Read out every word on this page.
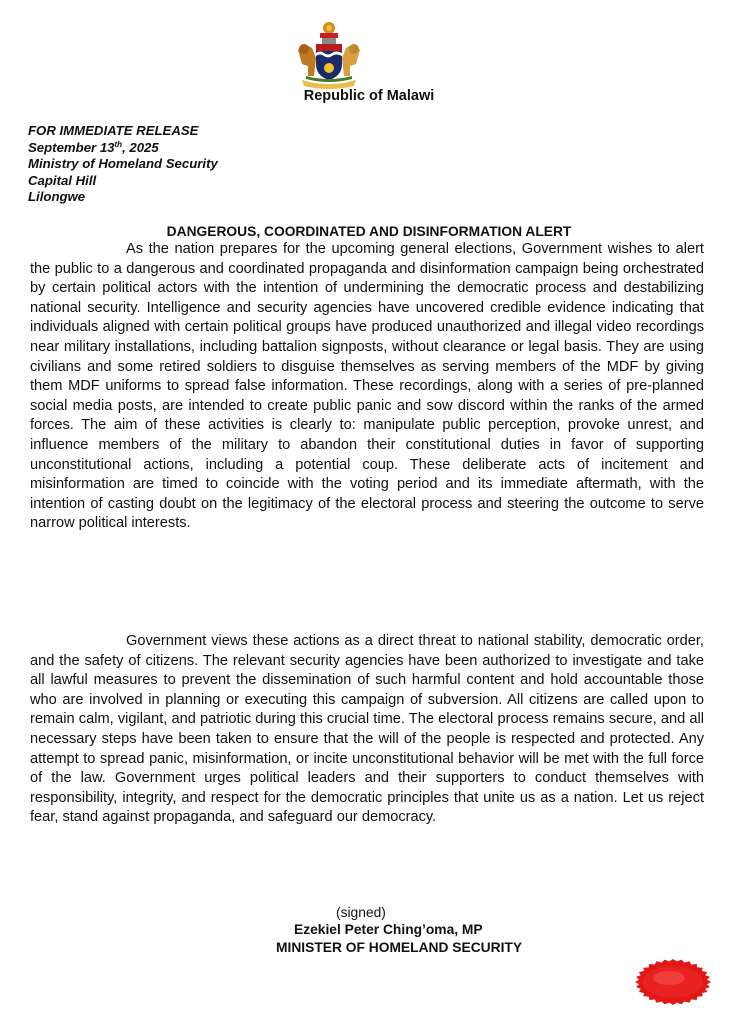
Republic of Malawi
FOR IMMEDIATE RELEASE
September 13th, 2025
Ministry of Homeland Security
Capital Hill
Lilongwe
DANGEROUS, COORDINATED AND DISINFORMATION ALERT

As the nation prepares for the upcoming general elections, Government wishes to alert the public to a dangerous and coordinated propaganda and disinformation campaign being orchestrated by certain political actors with the intention of undermining the democratic process and destabilizing national security. Intelligence and security agencies have uncovered credible evidence indicating that individuals aligned with certain political groups have produced unauthorized and illegal video recordings near military installations, including battalion signposts, without clearance or legal basis. They are using civilians and some retired soldiers to disguise themselves as serving members of the MDF by giving them MDF uniforms to spread false information. These recordings, along with a series of pre-planned social media posts, are intended to create public panic and sow discord within the ranks of the armed forces. The aim of these activities is clearly to: manipulate public perception, provoke unrest, and influence members of the military to abandon their constitutional duties in favor of supporting unconstitutional actions, including a potential coup. These deliberate acts of incitement and misinformation are timed to coincide with the voting period and its immediate aftermath, with the intention of casting doubt on the legitimacy of the electoral process and steering the outcome to serve narrow political interests.

Government views these actions as a direct threat to national stability, democratic order, and the safety of citizens. The relevant security agencies have been authorized to investigate and take all lawful measures to prevent the dissemination of such harmful content and hold accountable those who are involved in planning or executing this campaign of subversion. All citizens are called upon to remain calm, vigilant, and patriotic during this crucial time. The electoral process remains secure, and all necessary steps have been taken to ensure that the will of the people is respected and protected. Any attempt to spread panic, misinformation, or incite unconstitutional behavior will be met with the full force of the law. Government urges political leaders and their supporters to conduct themselves with responsibility, integrity, and respect for the democratic principles that unite us as a nation. Let us reject fear, stand against propaganda, and safeguard our democracy.

(signed)
Ezekiel Peter Ching’oma, MP
MINISTER OF HOMELAND SECURITY
